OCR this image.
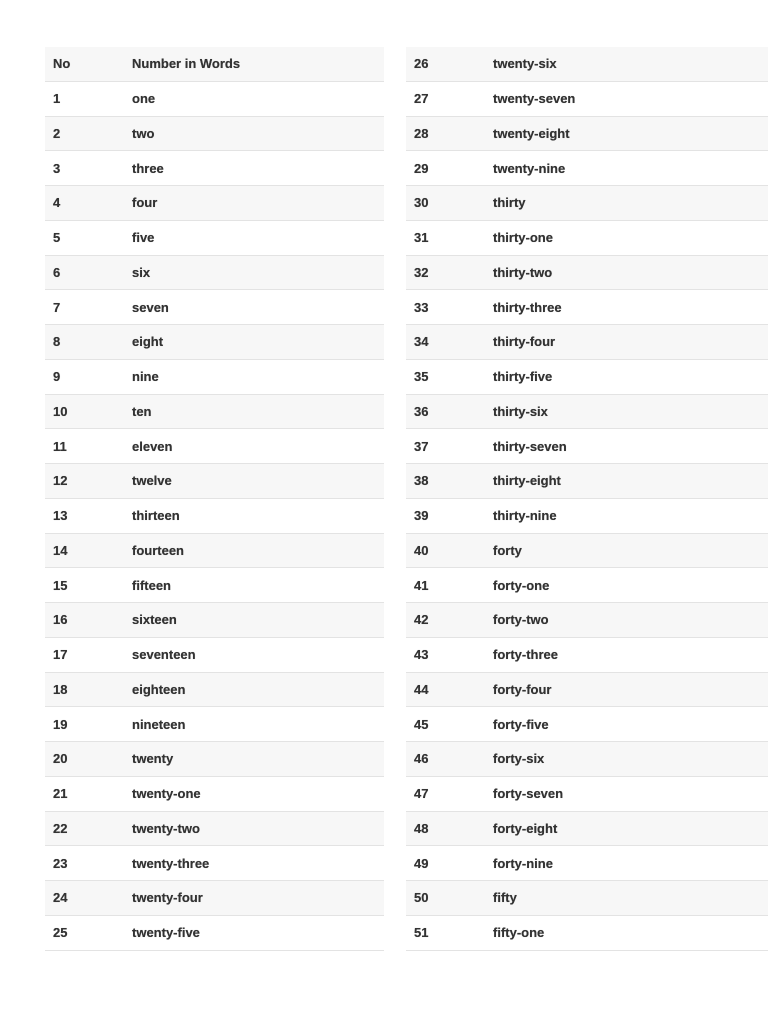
No	Number in Words
1	one
2	two
3	three
4	four
5	five
6	six
7	seven
8	eight
9	nine
10	ten
11	eleven
12	twelve
13	thirteen
14	fourteen
15	fifteen
16	sixteen
17	seventeen
18	eighteen
19	nineteen
20	twenty
21	twenty-one
22	twenty-two
23	twenty-three
24	twenty-four
25	twenty-five
26	twenty-six
27	twenty-seven
28	twenty-eight
29	twenty-nine
30	thirty
31	thirty-one
32	thirty-two
33	thirty-three
34	thirty-four
35	thirty-five
36	thirty-six
37	thirty-seven
38	thirty-eight
39	thirty-nine
40	forty
41	forty-one
42	forty-two
43	forty-three
44	forty-four
45	forty-five
46	forty-six
47	forty-seven
48	forty-eight
49	forty-nine
50	fifty
51	fifty-one
